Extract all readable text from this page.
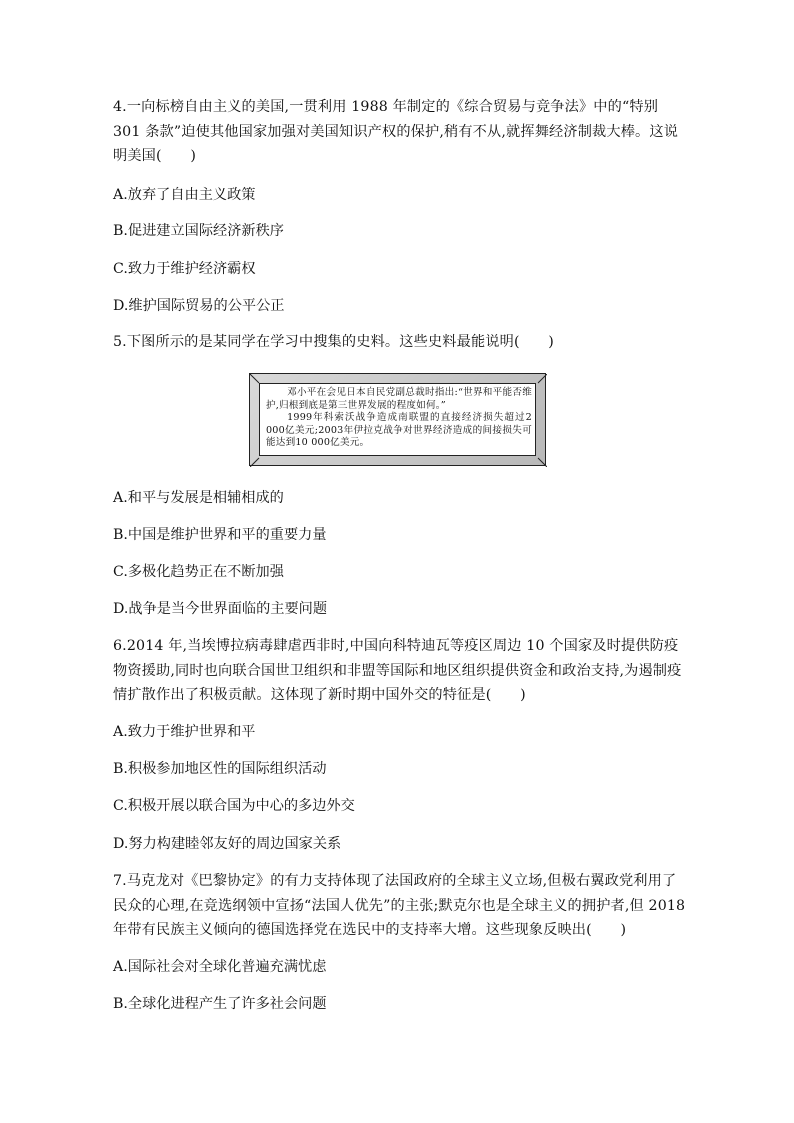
4.一向标榜自由主义的美国,一贯利用 1988 年制定的《综合贸易与竞争法》中的“特别 301 条款”迫使其他国家加强对美国知识产权的保护,稍有不从,就挥舞经济制裁大棒。这说明美国(　　)
A.放弃了自由主义政策
B.促进建立国际经济新秩序
C.致力于维护经济霸权
D.维护国际贸易的公平公正
5.下图所示的是某同学在学习中搜集的史料。这些史料最能说明(　　)

邓小平在会见日本自民党副总裁时指出:“世界和平能否维护,归根到底是第三世界发展的程度如何。”

1999年科索沃战争造成南联盟的直接经济损失超过2 000亿美元;2003年伊拉克战争对世界经济造成的间接损失可能达到10 000亿美元。

A.和平与发展是相辅相成的
B.中国是维护世界和平的重要力量
C.多极化趋势正在不断加强
D.战争是当今世界面临的主要问题
6.2014 年,当埃博拉病毒肆虐西非时,中国向科特迪瓦等疫区周边 10 个国家及时提供防疫物资援助,同时也向联合国世卫组织和非盟等国际和地区组织提供资金和政治支持,为遏制疫情扩散作出了积极贡献。这体现了新时期中国外交的特征是(　　)
A.致力于维护世界和平
B.积极参加地区性的国际组织活动
C.积极开展以联合国为中心的多边外交
D.努力构建睦邻友好的周边国家关系
7.马克龙对《巴黎协定》的有力支持体现了法国政府的全球主义立场,但极右翼政党利用了民众的心理,在竞选纲领中宣扬“法国人优先”的主张;默克尔也是全球主义的拥护者,但 2018 年带有民族主义倾向的德国选择党在选民中的支持率大增。这些现象反映出(　　)
A.国际社会对全球化普遍充满忧虑
B.全球化进程产生了许多社会问题
